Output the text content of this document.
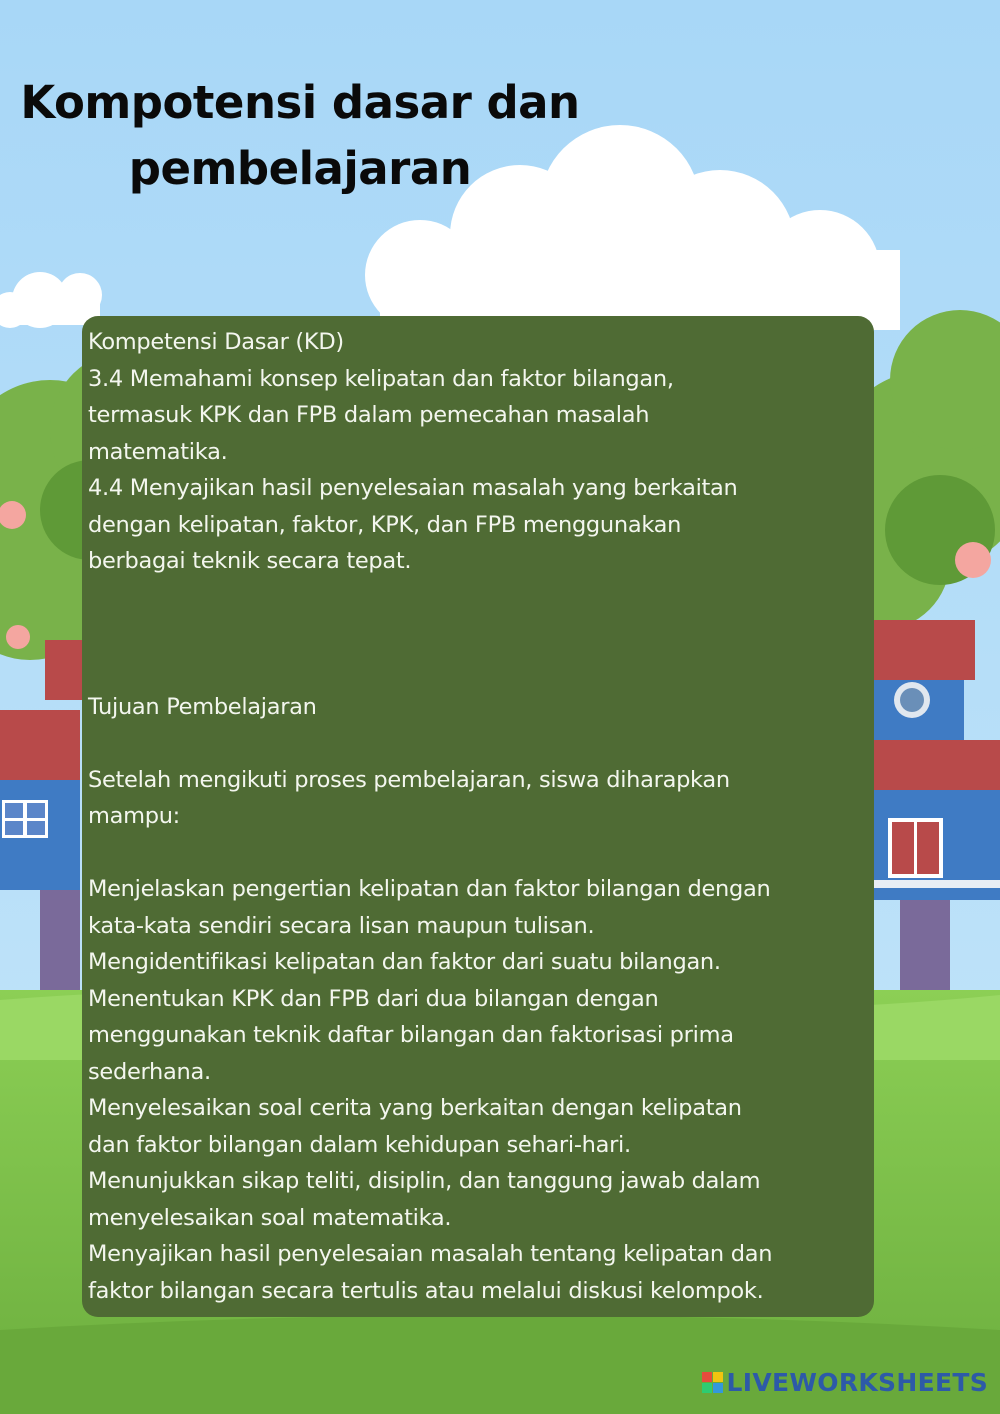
Kompotensi dasar dan
pembelajaran

Kompetensi Dasar (KD)

3.4 Memahami konsep kelipatan dan faktor bilangan,

termasuk KPK dan FPB dalam pemecahan masalah

matematika.

4.4 Menyajikan hasil penyelesaian masalah yang berkaitan

dengan kelipatan, faktor, KPK, dan FPB menggunakan

berbagai teknik secara tepat.

Tujuan Pembelajaran

Setelah mengikuti proses pembelajaran, siswa diharapkan

mampu:

Menjelaskan pengertian kelipatan dan faktor bilangan dengan

kata-kata sendiri secara lisan maupun tulisan.

Mengidentifikasi kelipatan dan faktor dari suatu bilangan.

Menentukan KPK dan FPB dari dua bilangan dengan

menggunakan teknik daftar bilangan dan faktorisasi prima

sederhana.

Menyelesaikan soal cerita yang berkaitan dengan kelipatan

dan faktor bilangan dalam kehidupan sehari-hari.

Menunjukkan sikap teliti, disiplin, dan tanggung jawab dalam

menyelesaikan soal matematika.

Menyajikan hasil penyelesaian masalah tentang kelipatan dan

faktor bilangan secara tertulis atau melalui diskusi kelompok.

LIVEWORKSHEETS
